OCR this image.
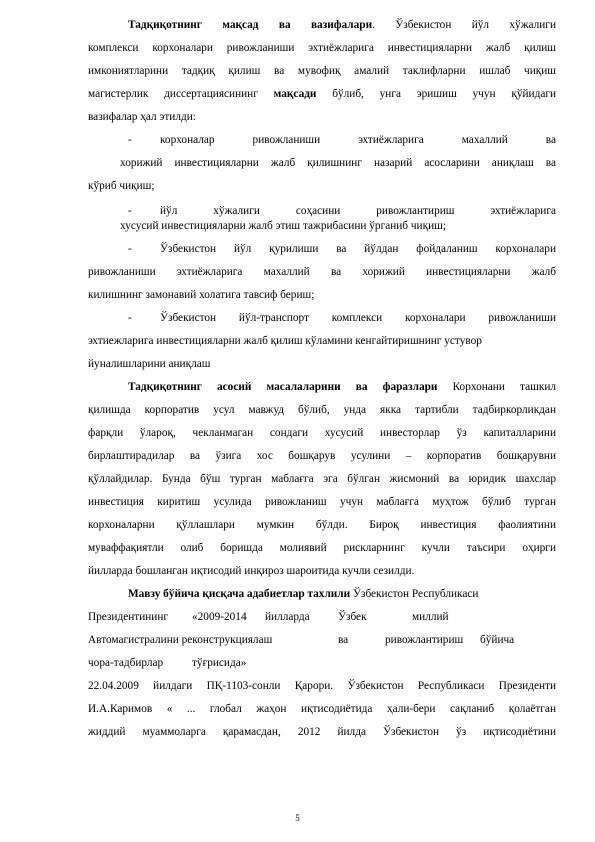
Тадқиқотнинг мақсад ва вазифалари. Ўзбекистон йўл хўжалиги
комплекси корхоналари ривожланиши эхтиёжларига инвестицияларни жалб қилиш
имкониятларини тадқиқ қилиш ва мувофиқ амалий таклифларни ишлаб чиқиш
магистерлик диссертациясининг мақсади бўлиб, унга эришиш учун қўйидаги
вазифалар ҳал этилди:
- корхоналар ривожланиши эхтиёжларига махаллий ва
хорижий инвестицияларни жалб қилишнинг назарий асосларини аниқлаш ва
кўриб чиқиш;
- йўл хўжалиги соҳасини ривожлантириш эхтиёжларига
хусусий инвестицияларни жалб этиш тажрибасини ўрганиб чиқиш;
- Ўзбекистон йўл қурилиши ва йўлдан фойдаланиш корхоналари
ривожланиши эхтиёжларига махаллий ва хорижий инвестицияларни жалб
килишнинг замонавий холатига тавсиф бериш;
- Ўзбекистон йўл-транспорт комплекси корхоналари ривожланиши
эхтиежларига инвестицияларни жалб қилиш кўламини кенгайтиришнинг устувор
йуналишларини аниқлаш
Тадқиқотнинг асосий масалаларини ва фаразлари Корхонани ташкил
қилишда корпоратив усул мавжуд бўлиб, унда якка тартибли тадбиркорликдан
фарқли ўлароқ, чекланмаган сондаги хусусий инвесторлар ўз капиталларини
бирлаштирадилар ва ўзига хос бошқарув усулини – корпоратив бошқарувни
қўллайдилар. Бунда бўш турган маблағга эга бўлган жисмоний ва юридик шахслар
инвестиция киритиш усулида ривожланиш учун маблағга муҳтож бўлиб турган
корхоналарни қўллашлари мумкин бўлди. Бироқ инвестиция фаолиятини
муваффақиятли олиб боришда молиявий рискларнинг кучли таъсири оҳирги
йилларда бошланган иқтисодий инқироз шароитида кучли сезилди.
Мавзу бўйича қисқача адабиетлар тахлили Ўзбекистон Республикаси
Президентининг «2009-2014 йилларда	Ўзбек	миллий
Автомагистралини реконструкциялаш	ва	ривожлантириш бўйича
чора-тадбирлар	тўғрисида»
22.04.2009 йилдаги ПҚ-1103-сонли Қарори. Ўзбекистон Республикаси Президенти
И.А.Каримов « ... глобал жаҳон иқтисодиётида ҳали-бери сақланиб қолаётган
жиддий муаммоларга қарамасдан, 2012 йилда Ўзбекистон ўз иқтисодиётини
5
